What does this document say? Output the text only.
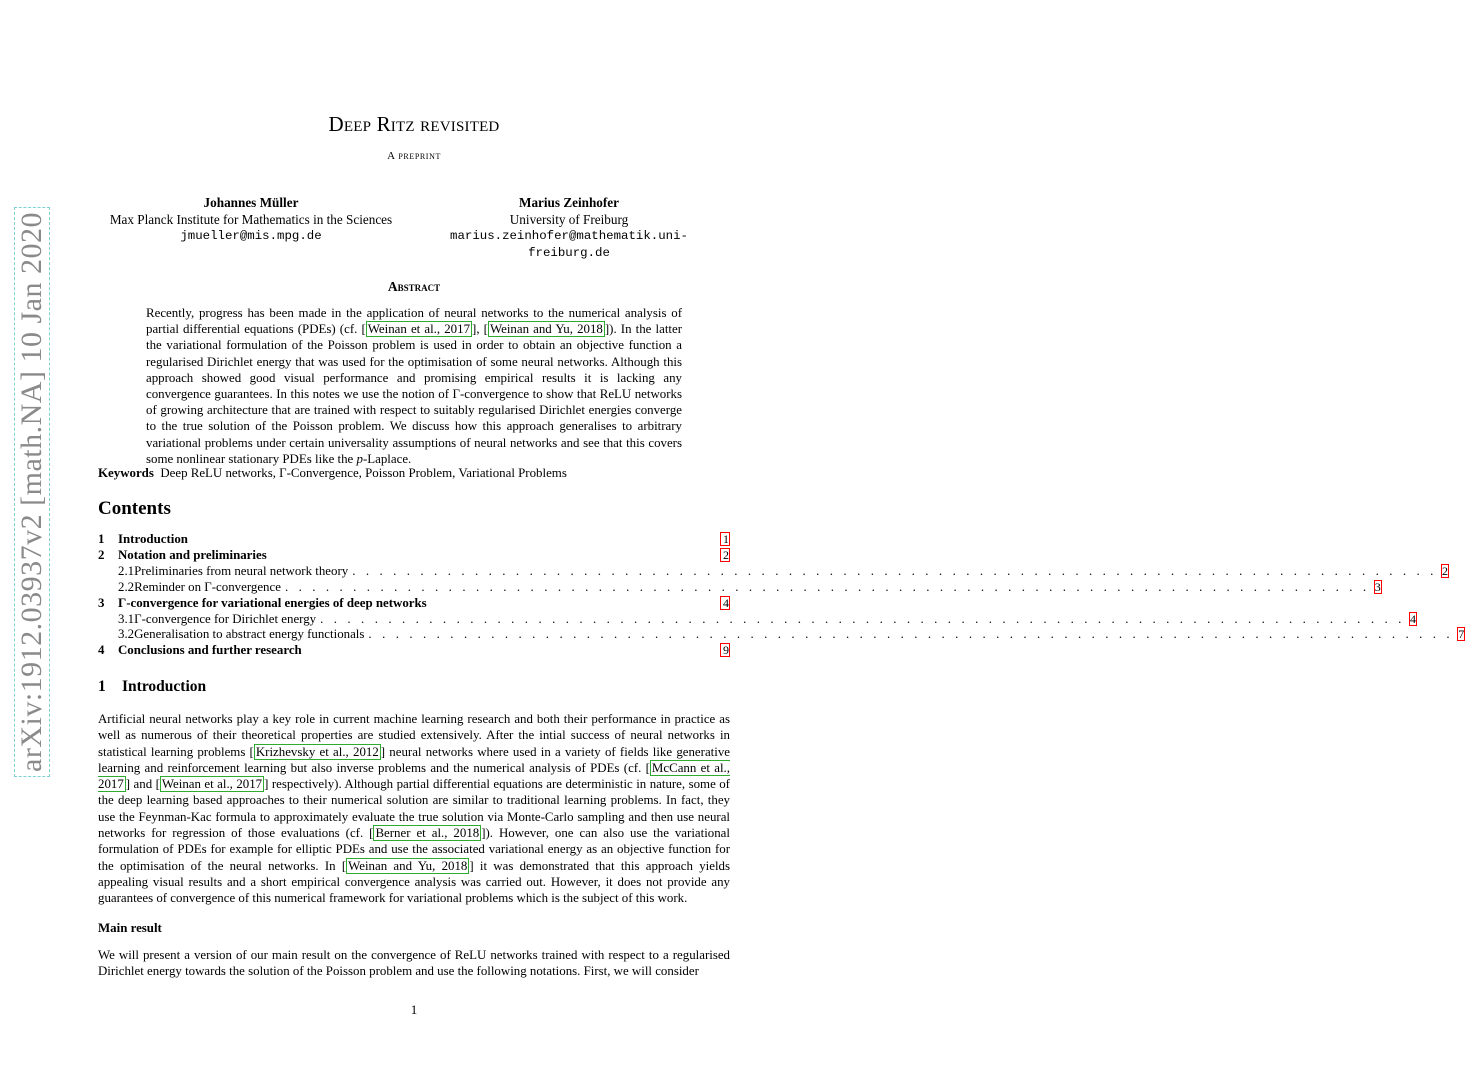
arXiv:1912.03937v2 [math.NA] 10 Jan 2020
Deep Ritz revisited
A preprint
Johannes Müller
Max Planck Institute for Mathematics in the Sciences
jmueller@mis.mpg.de
Marius Zeinhofer
University of Freiburg
marius.zeinhofer@mathematik.uni-freiburg.de
Abstract
Recently, progress has been made in the application of neural networks to the numerical analysis of partial differential equations (PDEs) (cf. [ Weinan et al., 2017 ], [ Weinan and Yu, 2018 ]). In the latter the variational formulation of the Poisson problem is used in order to obtain an objective function a regularised Dirichlet energy that was used for the optimisation of some neural networks. Although this approach showed good visual performance and promising empirical results it is lacking any convergence guarantees. In this notes we use the notion of Γ-convergence to show that ReLU networks of growing architecture that are trained with respect to suitably regularised Dirichlet energies converge to the true solution of the Poisson problem. We discuss how this approach generalises to arbitrary variational problems under certain universality assumptions of neural networks and see that this covers some nonlinear stationary PDEs like the p-Laplace.
Keywords Deep ReLU networks, Γ-Convergence, Poisson Problem, Variational Problems
Contents
1	Introduction	1
2	Notation and preliminaries	2
2.1 Preliminaries from neural network theory . . . . . . . . . . . . . . . . . . . . . . . . . . . . . . . . . . . . . . . . . . . . . . . . . . . . . . . . . . . . . . . . . . . . . . . . . . . . . . . . 2
2.2 Reminder on Γ-convergence . . . . . . . . . . . . . . . . . . . . . . . . . . . . . . . . . . . . . . . . . . . . . . . . . . . . . . . . . . . . . . . . . . . . . . . . . . . . . . . . 3
3	Γ-convergence for variational energies of deep networks	4
3.1 Γ-convergence for Dirichlet energy . . . . . . . . . . . . . . . . . . . . . . . . . . . . . . . . . . . . . . . . . . . . . . . . . . . . . . . . . . . . . . . . . . . . . . . . . . . . . . . . 4
3.2 Generalisation to abstract energy functionals . . . . . . . . . . . . . . . . . . . . . . . . . . . . . . . . . . . . . . . . . . . . . . . . . . . . . . . . . . . . . . . . . . . . . . . . . . . . . . . . 7
4	Conclusions and further research	9
1 Introduction

Artificial neural networks play a key role in current machine learning research and both their performance in practice as well as numerous of their theoretical properties are studied extensively. After the intial success of neural networks in statistical learning problems [ Krizhevsky et al., 2012 ] neural networks where used in a variety of fields like generative learning and reinforcement learning but also inverse problems and the numerical analysis of PDEs (cf. [ McCann et al., 2017 ] and [ Weinan et al., 2017 ] respectively). Although partial differential equations are deterministic in nature, some of the deep learning based approaches to their numerical solution are similar to traditional learning problems. In fact, they use the Feynman-Kac formula to approximately evaluate the true solution via Monte-Carlo sampling and then use neural networks for regression of those evaluations (cf. [ Berner et al., 2018 ]). However, one can also use the variational formulation of PDEs for example for elliptic PDEs and use the associated variational energy as an objective function for the optimisation of the neural networks. In [ Weinan and Yu, 2018 ] it was demonstrated that this approach yields appealing visual results and a short empirical convergence analysis was carried out. However, it does not provide any guarantees of convergence of this numerical framework for variational problems which is the subject of this work.

Main result

We will present a version of our main result on the convergence of ReLU networks trained with respect to a regularised Dirichlet energy towards the solution of the Poisson problem and use the following notations. First, we will consider

1
